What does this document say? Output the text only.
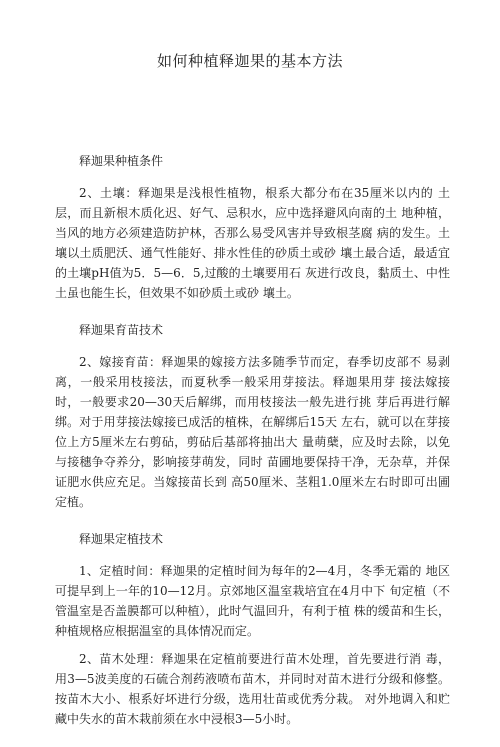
如何种植释迦果的基本方法
释迦果种植条件

2、土壤：释迦果是浅根性植物，根系大都分布在35厘米以内的 土层，而且新根木质化迟、好气、忌积水，应中选择避风向南的土 地种植，当风的地方必须建造防护林，否那么易受风害并导致根茎腐 病的发生。土壤以土质肥沃、通气性能好、排水性佳的砂质土或砂 壤土最合适，最适宜的土壤pH值为5．5—6．5,过酸的土壤要用石 灰进行改良，黏质土、中性土虽也能生长，但效果不如砂质土或砂 壤土。

释迦果育苗技术

2、嫁接育苗：释迦果的嫁接方法多随季节而定，春季切皮部不 易剥离，一般采用枝接法，而夏秋季一般采用芽接法。释迦果用芽 接法嫁接时，一般要求20—30天后解绑，而用枝接法一般先进行挑 芽后再进行解绑。对于用芽接法嫁接已成活的植株，在解绑后15天 左右，就可以在芽接位上方5厘米左右剪砧，剪砧后基部将抽出大 量萌蘖，应及时去除，以免与接穗争夺养分，影响接芽萌发，同时 苗圃地要保持干净，无杂草，并保证肥水供应充足。当嫁接苗长到 高50厘米、茎粗1.0厘米左右时即可出圃定植。

释迦果定植技术

1、定植时间：释迦果的定植时间为每年的2—4月，冬季无霜的 地区可提早到上一年的10—12月。京郊地区温室栽培宜在4月中下 旬定植（不管温室是否盖膜都可以种植），此时气温回升，有利于植 株的缓苗和生长，种植规格应根据温室的具体情况而定。

2、苗木处理：释迦果在定植前要进行苗木处理，首先要进行消 毒，用3—5波美度的石硫合剂药液喷布苗木，并同时对苗木进行分级和修整。按苗木大小、根系好坏进行分级，选用壮苗或优秀分栽。 对外地调入和贮藏中失水的苗木栽前须在水中浸根3—5小时。
